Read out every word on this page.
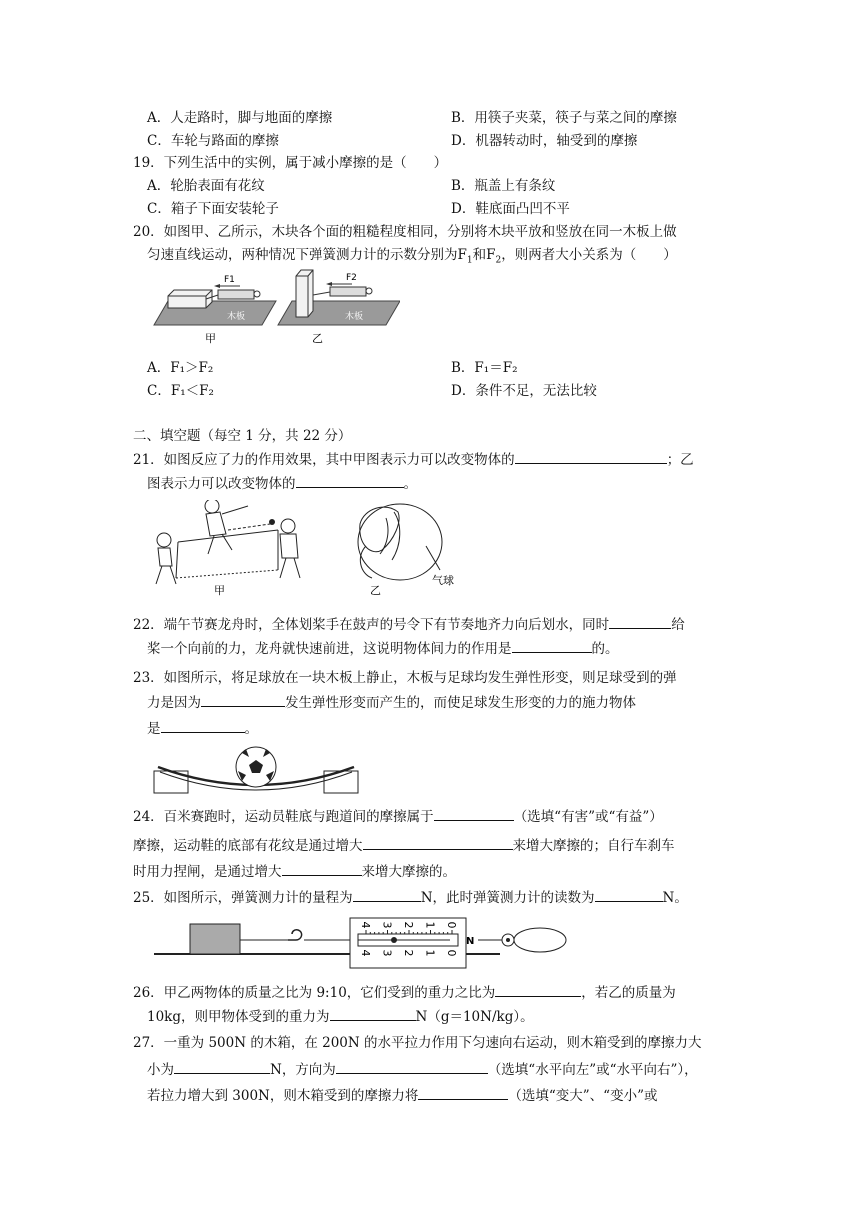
A．人走路时，脚与地面的摩擦	B．用筷子夹菜，筷子与菜之间的摩擦
C．车轮与路面的摩擦	D．机器转动时，轴受到的摩擦
19．下列生活中的实例，属于减小摩擦的是（　　）
A．轮胎表面有花纹	B．瓶盖上有条纹
C．箱子下面安装轮子	D．鞋底面凸凹不平
20．如图甲、乙所示，木块各个面的粗糙程度相同，分别将木块平放和竖放在同一木板上做
匀速直线运动，两种情况下弹簧测力计的示数分别为$F_1$和$F_2$，则两者大小关系为（　　）
F1
木板
甲
F2
木板
乙
A．F₁＞F₂	B．F₁＝F₂
C．F₁＜F₂	D．条件不足，无法比较
二、填空题（每空 1 分，共 22 分）
21．如图反应了力的作用效果，其中甲图表示力可以改变物体的	；乙
图表示力可以改变物体的	。
甲
气球
乙
22．端午节赛龙舟时，全体划桨手在鼓声的号令下有节奏地齐力向后划水，同时	给
桨一个向前的力，龙舟就快速前进，这说明物体间力的作用是	的。
23．如图所示，将足球放在一块木板上静止，木板与足球均发生弹性形变，则足球受到的弹
力是因为	发生弹性形变而产生的，而使足球发生形变的力的施力物体
是	。
24．百米赛跑时，运动员鞋底与跑道间的摩擦属于	（选填“有害”或“有益”）
摩擦，运动鞋的底部有花纹是通过增大	来增大摩擦的；自行车刹车
时用力捏闸，是通过增大	来增大摩擦的。
25．如图所示，弹簧测力计的量程为	N，此时弹簧测力计的读数为	N。
0
1
2
3
4
0
1
2
3
4
N
26．甲乙两物体的质量之比为 9:10，它们受到的重力之比为	，若乙的质量为
10kg，则甲物体受到的重力为	N（g＝10N/kg）。
27．一重为 500N 的木箱，在 200N 的水平拉力作用下匀速向右运动，则木箱受到的摩擦力大
小为	N，方向为	（选填“水平向左”或“水平向右”），
若拉力增大到 300N，则木箱受到的摩擦力将	（选填“变大”、“变小”或
